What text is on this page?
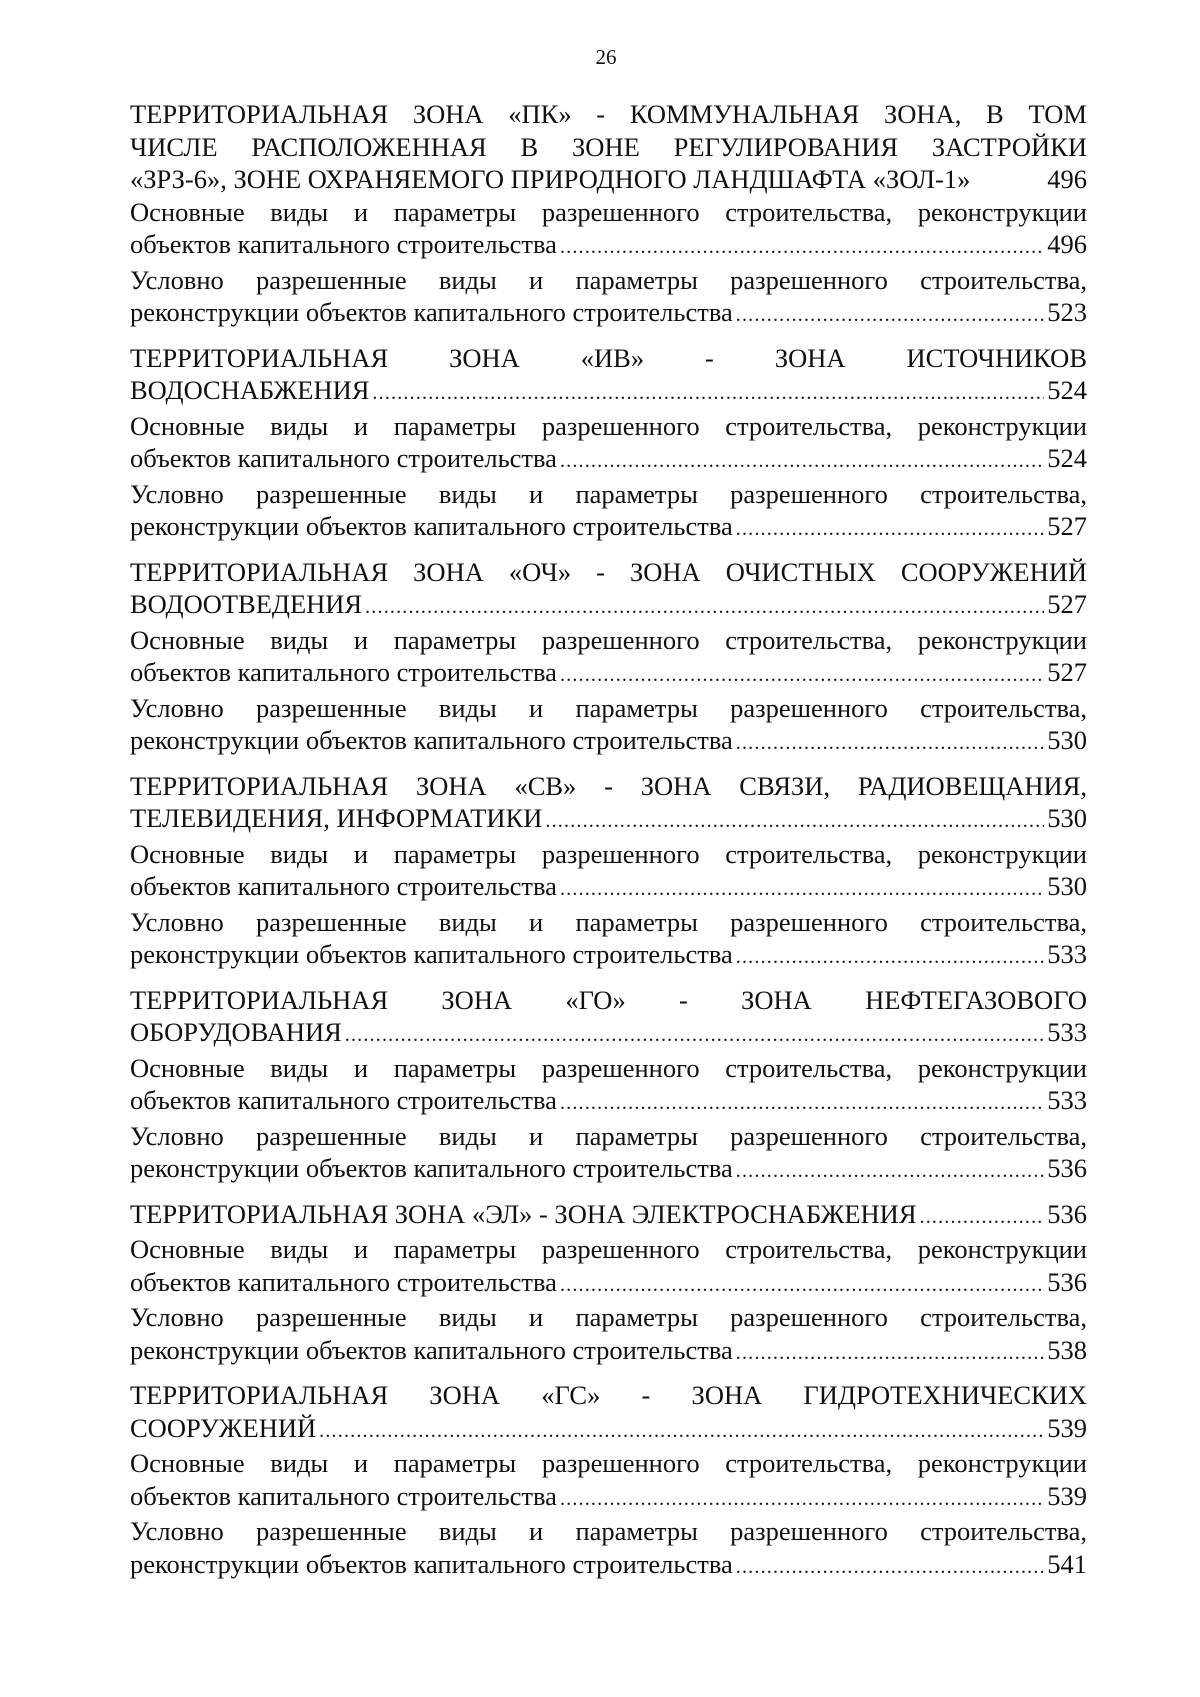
26
ТЕРРИТОРИАЛЬНАЯ ЗОНА «ПК» - КОММУНАЛЬНАЯ ЗОНА, В ТОМ
ЧИСЛЕ РАСПОЛОЖЕННАЯ В ЗОНЕ РЕГУЛИРОВАНИЯ ЗАСТРОЙКИ
«ЗРЗ-6», ЗОНЕ ОХРАНЯЕМОГО ПРИРОДНОГО ЛАНДШАФТА «ЗОЛ-1»	496
Основные виды и параметры разрешенного строительства, реконструкции
объектов капитального строительства .....	496
Условно разрешенные виды и параметры разрешенного строительства,
реконструкции объектов капитального строительства .....	523
ТЕРРИТОРИАЛЬНАЯ ЗОНА «ИВ» - ЗОНА ИСТОЧНИКОВ
ВОДОСНАБЖЕНИЯ .....	524
Основные виды и параметры разрешенного строительства, реконструкции
объектов капитального строительства .....	524
Условно разрешенные виды и параметры разрешенного строительства,
реконструкции объектов капитального строительства .....	527
ТЕРРИТОРИАЛЬНАЯ ЗОНА «ОЧ» - ЗОНА ОЧИСТНЫХ СООРУЖЕНИЙ
ВОДООТВЕДЕНИЯ .....	527
Основные виды и параметры разрешенного строительства, реконструкции
объектов капитального строительства .....	527
Условно разрешенные виды и параметры разрешенного строительства,
реконструкции объектов капитального строительства .....	530
ТЕРРИТОРИАЛЬНАЯ ЗОНА «СВ» - ЗОНА СВЯЗИ, РАДИОВЕЩАНИЯ,
ТЕЛЕВИДЕНИЯ, ИНФОРМАТИКИ .....	530
Основные виды и параметры разрешенного строительства, реконструкции
объектов капитального строительства .....	530
Условно разрешенные виды и параметры разрешенного строительства,
реконструкции объектов капитального строительства .....	533
ТЕРРИТОРИАЛЬНАЯ ЗОНА «ГО» - ЗОНА НЕФТЕГАЗОВОГО
ОБОРУДОВАНИЯ .....	533
Основные виды и параметры разрешенного строительства, реконструкции
объектов капитального строительства .....	533
Условно разрешенные виды и параметры разрешенного строительства,
реконструкции объектов капитального строительства .....	536
ТЕРРИТОРИАЛЬНАЯ ЗОНА «ЭЛ» - ЗОНА ЭЛЕКТРОСНАБЖЕНИЯ .....	536
Основные виды и параметры разрешенного строительства, реконструкции
объектов капитального строительства .....	536
Условно разрешенные виды и параметры разрешенного строительства,
реконструкции объектов капитального строительства .....	538
ТЕРРИТОРИАЛЬНАЯ ЗОНА «ГС» - ЗОНА ГИДРОТЕХНИЧЕСКИХ
СООРУЖЕНИЙ .....	539
Основные виды и параметры разрешенного строительства, реконструкции
объектов капитального строительства .....	539
Условно разрешенные виды и параметры разрешенного строительства,
реконструкции объектов капитального строительства .....	541
